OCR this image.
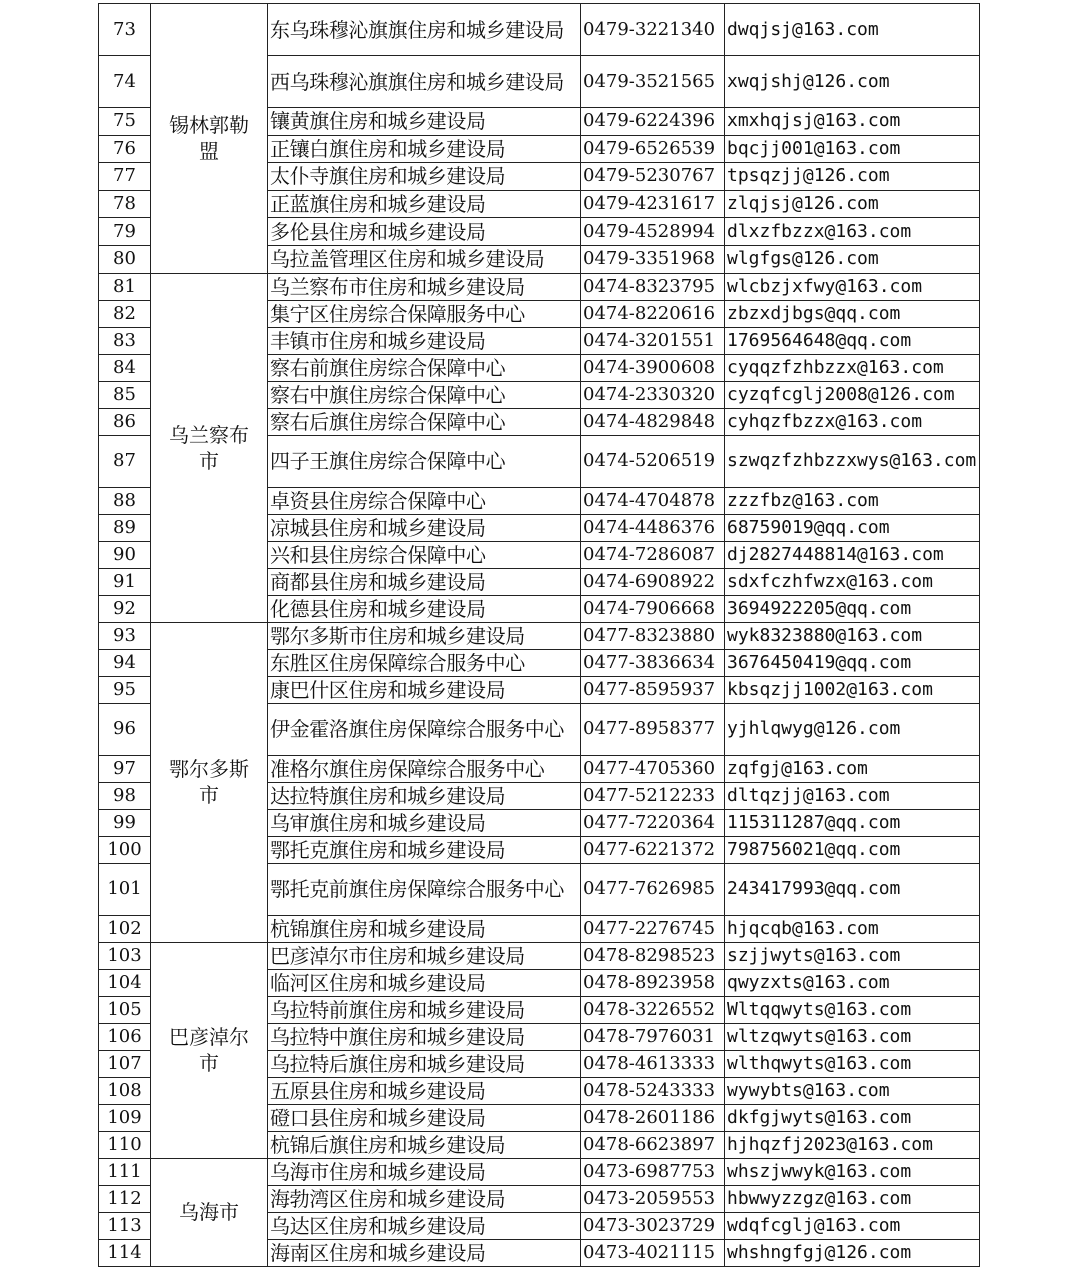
73	锡林郭勒盟	东乌珠穆沁旗旗住房和城乡建设局	0479-3221340	dwqjsj@163.com
74		西乌珠穆沁旗旗住房和城乡建设局	0479-3521565	xwqjshj@126.com
75		镶黄旗住房和城乡建设局	0479-6224396	xmxhqjsj@163.com
76		正镶白旗住房和城乡建设局	0479-6526539	bqcjj001@163.com
77		太仆寺旗住房和城乡建设局	0479-5230767	tpsqzjj@126.com
78		正蓝旗住房和城乡建设局	0479-4231617	zlqjsj@126.com
79		多伦县住房和城乡建设局	0479-4528994	dlxzfbzzx@163.com
80		乌拉盖管理区住房和城乡建设局	0479-3351968	wlgfgs@126.com
81	乌兰察布市	乌兰察布市住房和城乡建设局	0474-8323795	wlcbzjxfwy@163.com
82		集宁区住房综合保障服务中心	0474-8220616	zbzxdjbgs@qq.com
83		丰镇市住房和城乡建设局	0474-3201551	1769564648@qq.com
84		察右前旗住房综合保障中心	0474-3900608	cyqqzfzhbzzx@163.com
85		察右中旗住房综合保障中心	0474-2330320	cyzqfcglj2008@126.com
86		察右后旗住房综合保障中心	0474-4829848	cyhqzfbzzx@163.com
87		四子王旗住房综合保障中心	0474-5206519	szwqzfzhbzzxwys@163.com
88		卓资县住房综合保障中心	0474-4704878	zzzfbz@163.com
89		凉城县住房和城乡建设局	0474-4486376	68759019@qq.com
90		兴和县住房综合保障中心	0474-7286087	dj2827448814@163.com
91		商都县住房和城乡建设局	0474-6908922	sdxfczhfwzx@163.com
92		化德县住房和城乡建设局	0474-7906668	3694922205@qq.com
93	鄂尔多斯市	鄂尔多斯市住房和城乡建设局	0477-8323880	wyk8323880@163.com
94		东胜区住房保障综合服务中心	0477-3836634	3676450419@qq.com
95		康巴什区住房和城乡建设局	0477-8595937	kbsqzjj1002@163.com
96		伊金霍洛旗住房保障综合服务中心	0477-8958377	yjhlqwyg@126.com
97		准格尔旗住房保障综合服务中心	0477-4705360	zqfgj@163.com
98		达拉特旗住房和城乡建设局	0477-5212233	dltqzjj@163.com
99		乌审旗住房和城乡建设局	0477-7220364	115311287@qq.com
100		鄂托克旗住房和城乡建设局	0477-6221372	798756021@qq.com
101		鄂托克前旗住房保障综合服务中心	0477-7626985	243417993@qq.com
102		杭锦旗住房和城乡建设局	0477-2276745	hjqcqb@163.com
103	巴彦淖尔市	巴彦淖尔市住房和城乡建设局	0478-8298523	szjjwyts@163.com
104		临河区住房和城乡建设局	0478-8923958	qwyzxts@163.com
105		乌拉特前旗住房和城乡建设局	0478-3226552	Wltqqwyts@163.com
106		乌拉特中旗住房和城乡建设局	0478-7976031	wltzqwyts@163.com
107		乌拉特后旗住房和城乡建设局	0478-4613333	wlthqwyts@163.com
108		五原县住房和城乡建设局	0478-5243333	wywybts@163.com
109		磴口县住房和城乡建设局	0478-2601186	dkfgjwyts@163.com
110		杭锦后旗住房和城乡建设局	0478-6623897	hjhqzfj2023@163.com
111	乌海市	乌海市住房和城乡建设局	0473-6987753	whszjwwyk@163.com
112		海勃湾区住房和城乡建设局	0473-2059553	hbwwyzzgz@163.com
113		乌达区住房和城乡建设局	0473-3023729	wdqfcglj@163.com
114		海南区住房和城乡建设局	0473-4021115	whshngfgj@126.com
